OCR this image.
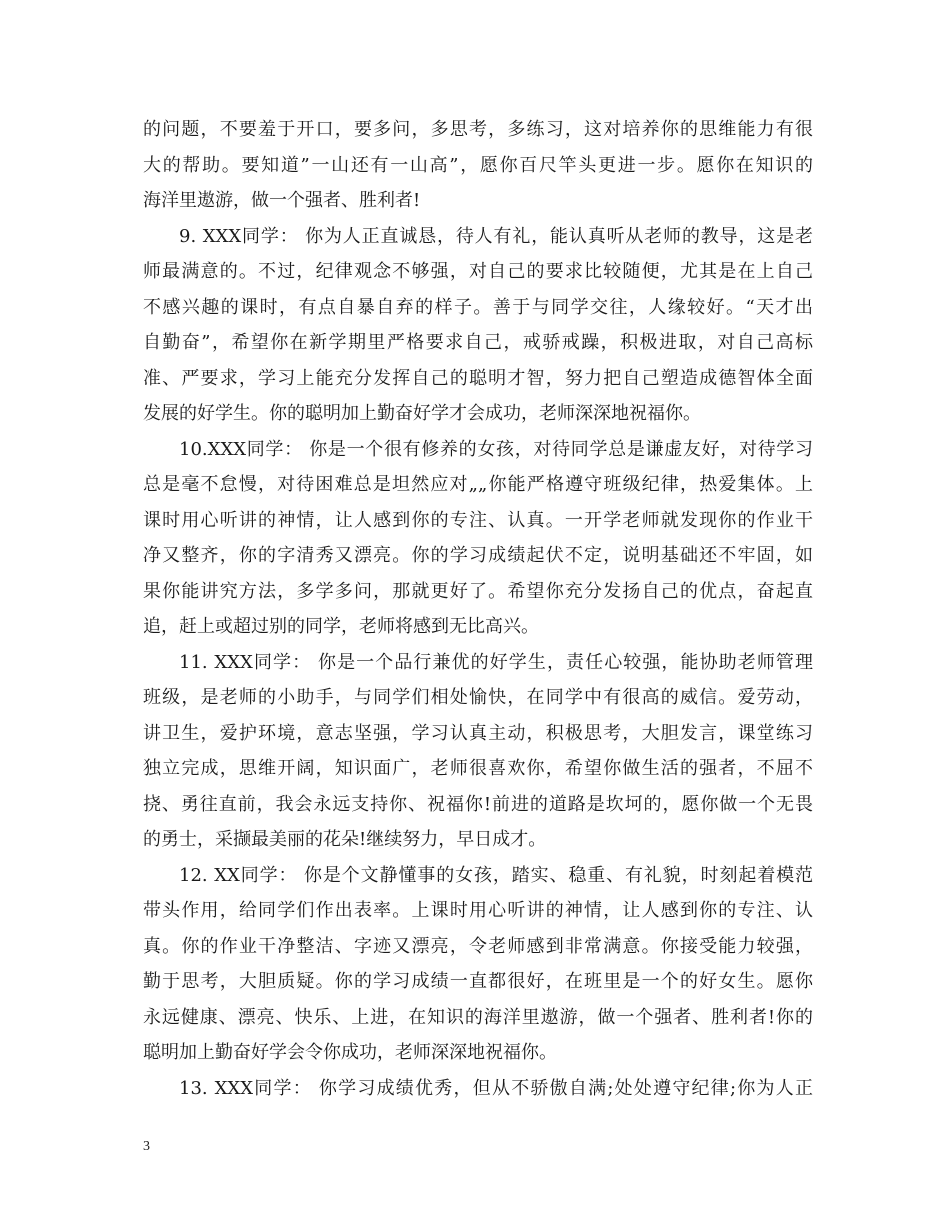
的问题，不要羞于开口，要多问，多思考，多练习，这对培养你的思维能力有很
大的帮助。要知道”一山还有一山高”，愿你百尺竿头更进一步。愿你在知识的
海洋里遨游，做一个强者、胜利者!
9. XXX同学： 你为人正直诚恳，待人有礼，能认真听从老师的教导，这是老
师最满意的。不过，纪律观念不够强，对自己的要求比较随便，尤其是在上自己
不感兴趣的课时，有点自暴自弃的样子。善于与同学交往，人缘较好。“天才出
自勤奋”，希望你在新学期里严格要求自己，戒骄戒躁，积极进取，对自己高标
准、严要求，学习上能充分发挥自己的聪明才智，努力把自己塑造成德智体全面
发展的好学生。你的聪明加上勤奋好学才会成功，老师深深地祝福你。
10.XXX同学： 你是一个很有修养的女孩，对待同学总是谦虚友好，对待学习
总是毫不怠慢，对待困难总是坦然应对„„你能严格遵守班级纪律，热爱集体。上
课时用心听讲的神情，让人感到你的专注、认真。一开学老师就发现你的作业干
净又整齐，你的字清秀又漂亮。你的学习成绩起伏不定，说明基础还不牢固，如
果你能讲究方法，多学多问，那就更好了。希望你充分发扬自己的优点，奋起直
追，赶上或超过别的同学，老师将感到无比高兴。
11. XXX同学： 你是一个品行兼优的好学生，责任心较强，能协助老师管理
班级，是老师的小助手，与同学们相处愉快，在同学中有很高的威信。爱劳动，
讲卫生，爱护环境，意志坚强，学习认真主动，积极思考，大胆发言，课堂练习
独立完成，思维开阔，知识面广，老师很喜欢你，希望你做生活的强者，不屈不
挠、勇往直前，我会永远支持你、祝福你!前进的道路是坎坷的，愿你做一个无畏
的勇士，采撷最美丽的花朵!继续努力，早日成才。
12. XX同学： 你是个文静懂事的女孩，踏实、稳重、有礼貌，时刻起着模范
带头作用，给同学们作出表率。上课时用心听讲的神情，让人感到你的专注、认
真。你的作业干净整洁、字迹又漂亮，令老师感到非常满意。你接受能力较强，
勤于思考，大胆质疑。你的学习成绩一直都很好，在班里是一个的好女生。愿你
永远健康、漂亮、快乐、上进，在知识的海洋里遨游，做一个强者、胜利者!你的
聪明加上勤奋好学会令你成功，老师深深地祝福你。
13. XXX同学： 你学习成绩优秀，但从不骄傲自满;处处遵守纪律;你为人正
3
